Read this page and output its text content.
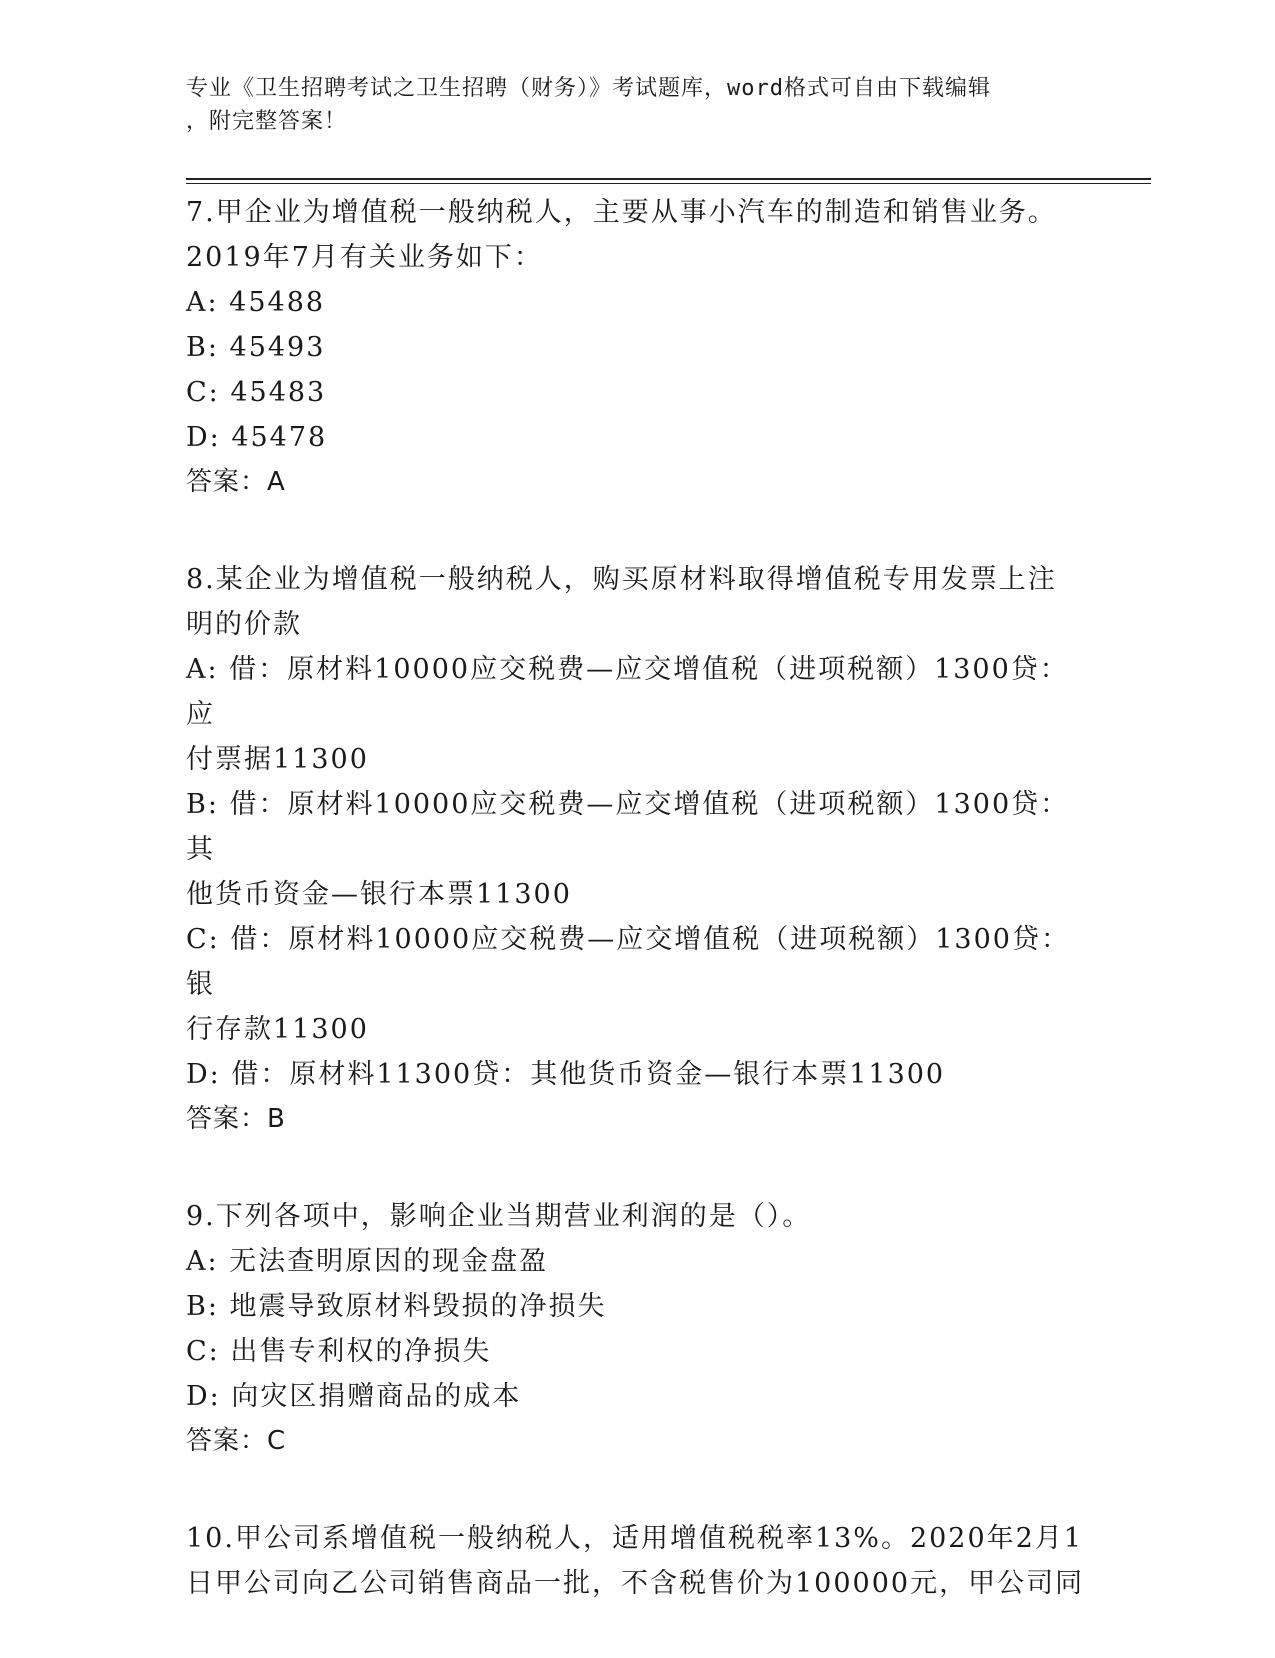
专业《卫生招聘考试之卫生招聘（财务）》考试题库，word格式可自由下载编辑
，附完整答案！

7.甲企业为增值税一般纳税人，主要从事小汽车的制造和销售业务。

2019年7月有关业务如下：

A: 45488

B: 45493

C: 45483

D: 45478

答案：A

8.某企业为增值税一般纳税人，购买原材料取得增值税专用发票上注

明的价款

A: 借：原材料10000应交税费—应交增值税（进项税额）1300贷：应

付票据11300

B: 借：原材料10000应交税费—应交增值税（进项税额）1300贷：其

他货币资金—银行本票11300

C: 借：原材料10000应交税费—应交增值税（进项税额）1300贷：银

行存款11300

D: 借：原材料11300贷：其他货币资金—银行本票11300

答案：B

9.下列各项中，影响企业当期营业利润的是（）。

A: 无法查明原因的现金盘盈

B: 地震导致原材料毁损的净损失

C: 出售专利权的净损失

D: 向灾区捐赠商品的成本

答案：C

10.甲公司系增值税一般纳税人，适用增值税税率13%。2020年2月1

日甲公司向乙公司销售商品一批，不含税售价为100000元，甲公司同
